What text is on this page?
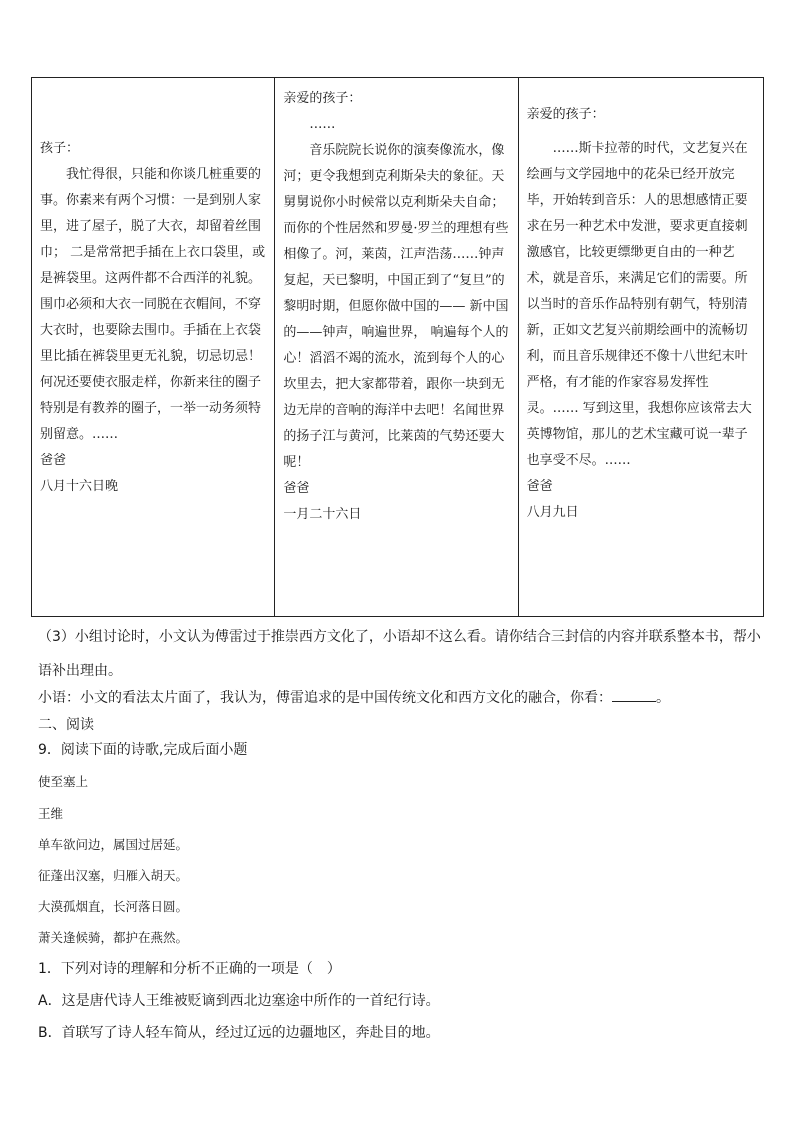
孩子：

我忙得很，只能和你谈几桩重要的事。你素来有两个习惯：一是到别人家里，进了屋子，脱了大衣，却留着丝围巾； 二是常常把手插在上衣口袋里，或是裤袋里。这两件都不合西洋的礼貌。围巾必须和大衣一同脱在衣帽间，不穿大衣时，也要除去围巾。手插在上衣袋里比插在裤袋里更无礼貌，切忌切忌！何况还要使衣服走样，你新来往的圈子特别是有教养的圈子，一举一动务须特别留意。……

爸爸

八月十六日晚

亲爱的孩子：

……

音乐院院长说你的演奏像流水，像河；更令我想到克利斯朵夫的象征。天舅舅说你小时候常以克利斯朵夫自命；而你的个性居然和罗曼·罗兰的理想有些相像了。河，莱茵，江声浩荡……钟声复起，天已黎明，中国正到了“复旦”的黎明时期，但愿你做中国的—— 新中国的——钟声，响遍世界， 响遍每个人的心！滔滔不竭的流水，流到每个人的心坎里去，把大家都带着，跟你一块到无边无岸的音响的海洋中去吧！名闻世界的扬子江与黄河，比莱茵的气势还要大呢！

爸爸

一月二十六日

亲爱的孩子：

……斯卡拉蒂的时代，文艺复兴在绘画与文学园地中的花朵已经开放完毕，开始转到音乐：人的思想感情正要求在另一种艺术中发泄，要求更直接刺激感官，比较更缥缈更自由的一种艺术，就是音乐，来满足它们的需要。所以当时的音乐作品特别有朝气，特别清新，正如文艺复兴前期绘画中的流畅切利，而且音乐规律还不像十八世纪末叶严格，有才能的作家容易发挥性灵。…… 写到这里，我想你应该常去大英博物馆，那儿的艺术宝藏可说一辈子也享受不尽。……

爸爸

八月九日

（3）小组讨论时，小文认为傅雷过于推崇西方文化了，小语却不这么看。请你结合三封信的内容并联系整本书，帮小语补出理由。

小语：小文的看法太片面了，我认为，傅雷追求的是中国传统文化和西方文化的融合，你看：	。

二、阅读

9．阅读下面的诗歌,完成后面小题

使至塞上

王维

单车欲问边，属国过居延。

征蓬出汉塞，归雁入胡天。

大漠孤烟直，长河落日圆。

萧关逢候骑，都护在燕然。

1．下列对诗的理解和分析不正确的一项是（　）

A．这是唐代诗人王维被贬谪到西北边塞途中所作的一首纪行诗。

B．首联写了诗人轻车简从，经过辽远的边疆地区，奔赴目的地。
